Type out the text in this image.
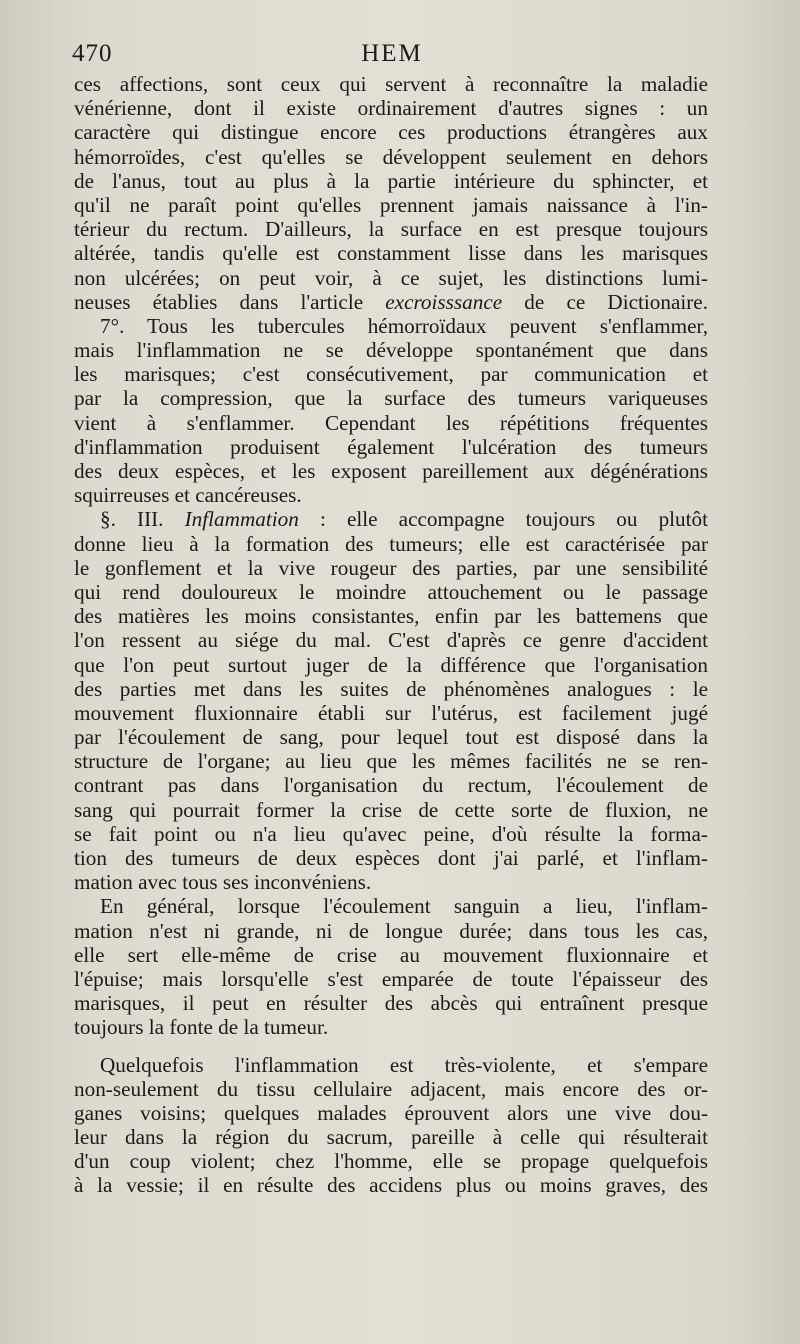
470	HEM
ces affections, sont ceux qui servent à reconnaître la maladie
vénérienne, dont il existe ordinairement d'autres signes : un
caractère qui distingue encore ces productions étrangères aux
hémorroïdes, c'est qu'elles se développent seulement en dehors
de l'anus, tout au plus à la partie intérieure du sphincter, et
qu'il ne paraît point qu'elles prennent jamais naissance à l'in-
térieur du rectum. D'ailleurs, la surface en est presque toujours
altérée, tandis qu'elle est constamment lisse dans les marisques
non ulcérées; on peut voir, à ce sujet, les distinctions lumi-
neuses établies dans l'article excroisssance de ce Dictionaire.
7°. Tous les tubercules hémorroïdaux peuvent s'enflammer,
mais l'inflammation ne se développe spontanément que dans
les marisques; c'est consécutivement, par communication et
par la compression, que la surface des tumeurs variqueuses
vient à s'enflammer. Cependant les répétitions fréquentes
d'inflammation produisent également l'ulcération des tumeurs
des deux espèces, et les exposent pareillement aux dégénérations
squirreuses et cancéreuses.
§. III. Inflammation : elle accompagne toujours ou plutôt
donne lieu à la formation des tumeurs; elle est caractérisée par
le gonflement et la vive rougeur des parties, par une sensibilité
qui rend douloureux le moindre attouchement ou le passage
des matières les moins consistantes, enfin par les battemens que
l'on ressent au siége du mal. C'est d'après ce genre d'accident
que l'on peut surtout juger de la différence que l'organisation
des parties met dans les suites de phénomènes analogues : le
mouvement fluxionnaire établi sur l'utérus, est facilement jugé
par l'écoulement de sang, pour lequel tout est disposé dans la
structure de l'organe; au lieu que les mêmes facilités ne se ren-
contrant pas dans l'organisation du rectum, l'écoulement de
sang qui pourrait former la crise de cette sorte de fluxion, ne
se fait point ou n'a lieu qu'avec peine, d'où résulte la forma-
tion des tumeurs de deux espèces dont j'ai parlé, et l'inflam-
mation avec tous ses inconvéniens.
En général, lorsque l'écoulement sanguin a lieu, l'inflam-
mation n'est ni grande, ni de longue durée; dans tous les cas,
elle sert elle-même de crise au mouvement fluxionnaire et
l'épuise; mais lorsqu'elle s'est emparée de toute l'épaisseur des
marisques, il peut en résulter des abcès qui entraînent presque
toujours la fonte de la tumeur.
Quelquefois l'inflammation est très-violente, et s'empare
non-seulement du tissu cellulaire adjacent, mais encore des or-
ganes voisins; quelques malades éprouvent alors une vive dou-
leur dans la région du sacrum, pareille à celle qui résulterait
d'un coup violent; chez l'homme, elle se propage quelquefois
à la vessie; il en résulte des accidens plus ou moins graves, des
